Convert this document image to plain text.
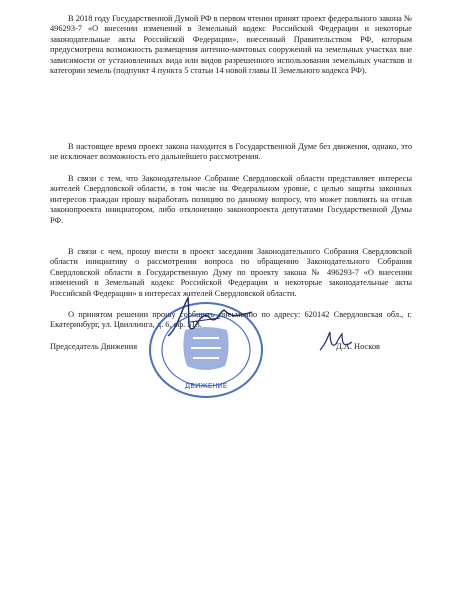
В 2018 году Государственной Думой РФ в первом чтении принят проект федерального закона № 496293-7 «О внесении изменений в Земельный кодекс Российской Федерации и некоторые законодательные акты Российской Федерации», внесенный Правительством РФ, которым предусмотрена возможность размещения антенно-мачтовых сооружений на земельных участках вне зависимости от установленных вида или видов разрешенного использования земельных участков и категории земель (подпункт 4 пункта 5 статьи 14 новой главы II Земельного кодекса РФ).

В настоящее время проект закона находится в Государственной Думе без движения, однако, это не исключает возможность его дальнейшего рассмотрения.

В связи с тем, что Законодательное Собрание Свердловской области представляет интересы жителей Свердловской области, в том числе на Федеральном уровне, с целью защиты законных интересов граждан прошу выработать позицию по данному вопросу, что может повлиять на отзыв законопроекта инициатором, либо отклонению законопроекта депутатами Государственной Думы РФ.

В связи с чем, прошу внести в проект заседания Законодательного Собрания Свердловской области инициативу о рассмотрении вопроса по обращению Законодательного Собрания Свердловской области в Государственную Думу по проекту закона № 496293-7 «О внесении изменений в Земельный кодекс Российской Федерации и некоторые законодательные акты Российской Федерации» в интересах жителей Свердловской области.

О принятом решении прошу сообщить письменно по адресу: 620142 Свердловская обл., г. Екатеринбург, ул. Цвиллинга, д. 6, оф. 513.

ДВИЖЕНИЕ
Председатель Движения	Д.А. Носков
